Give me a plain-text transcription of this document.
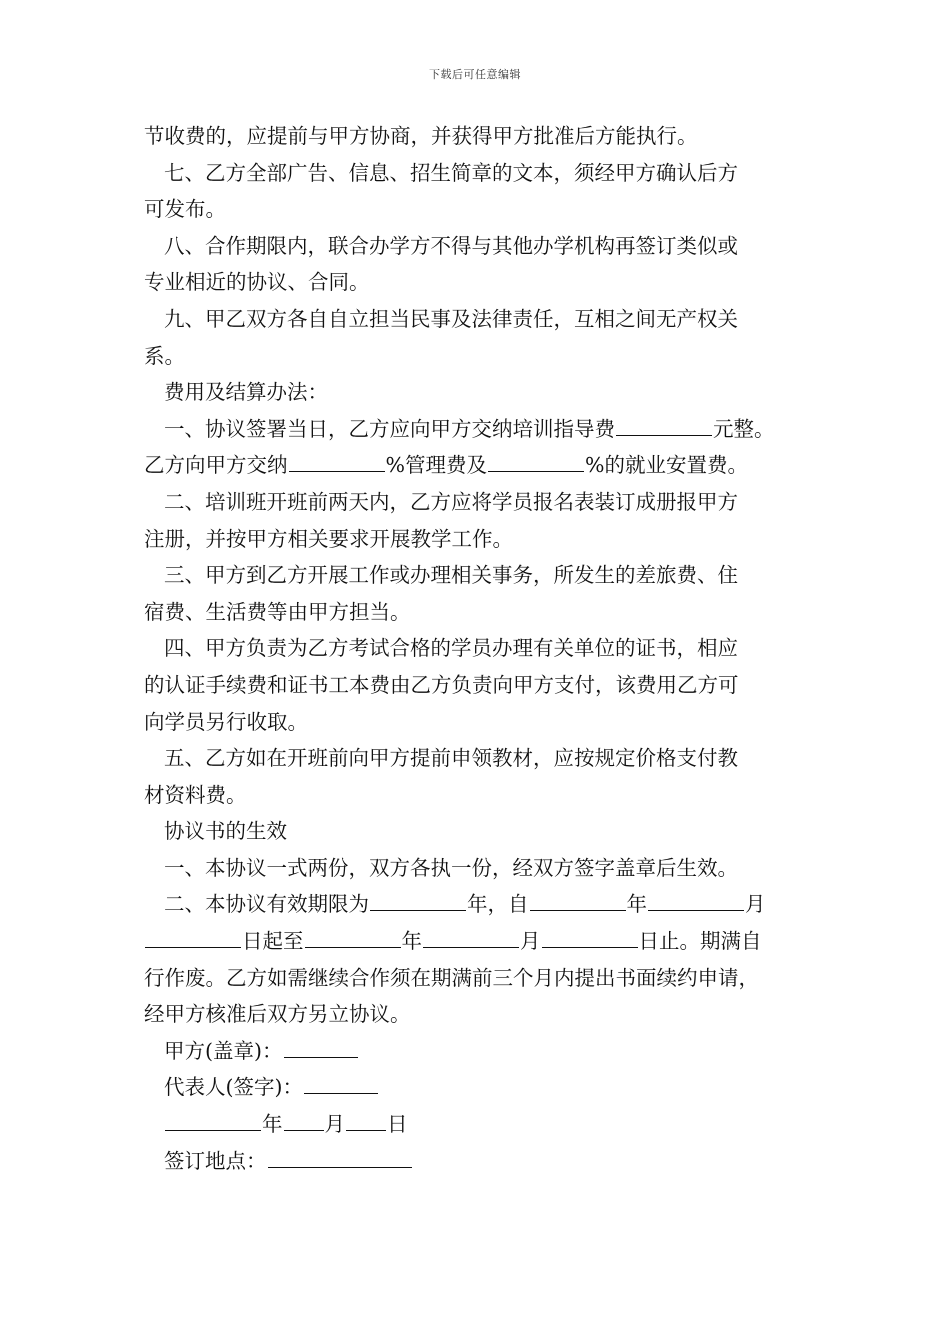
下载后可任意编辑
节收费的，应提前与甲方协商，并获得甲方批准后方能执行。
七、乙方全部广告、信息、招生简章的文本，须经甲方确认后方
可发布。
八、合作期限内，联合办学方不得与其他办学机构再签订类似或
专业相近的协议、合同。
九、甲乙双方各自自立担当民事及法律责任，互相之间无产权关
系。
费用及结算办法：
一、协议签署当日，乙方应向甲方交纳培训指导费	元整。
乙方向甲方交纳	%管理费及	%的就业安置费。
二、培训班开班前两天内，乙方应将学员报名表装订成册报甲方
注册，并按甲方相关要求开展教学工作。
三、甲方到乙方开展工作或办理相关事务，所发生的差旅费、住
宿费、生活费等由甲方担当。
四、甲方负责为乙方考试合格的学员办理有关单位的证书，相应
的认证手续费和证书工本费由乙方负责向甲方支付，该费用乙方可
向学员另行收取。
五、乙方如在开班前向甲方提前申领教材，应按规定价格支付教
材资料费。
协议书的生效
一、本协议一式两份，双方各执一份，经双方签字盖章后生效。
二、本协议有效期限为	年，自	年	月
日起至	年	月	日止。期满自
行作废。乙方如需继续合作须在期满前三个月内提出书面续约申请，
经甲方核准后双方另立协议。
甲方(盖章)：
代表人(签字)：
年 月 日
签订地点：
